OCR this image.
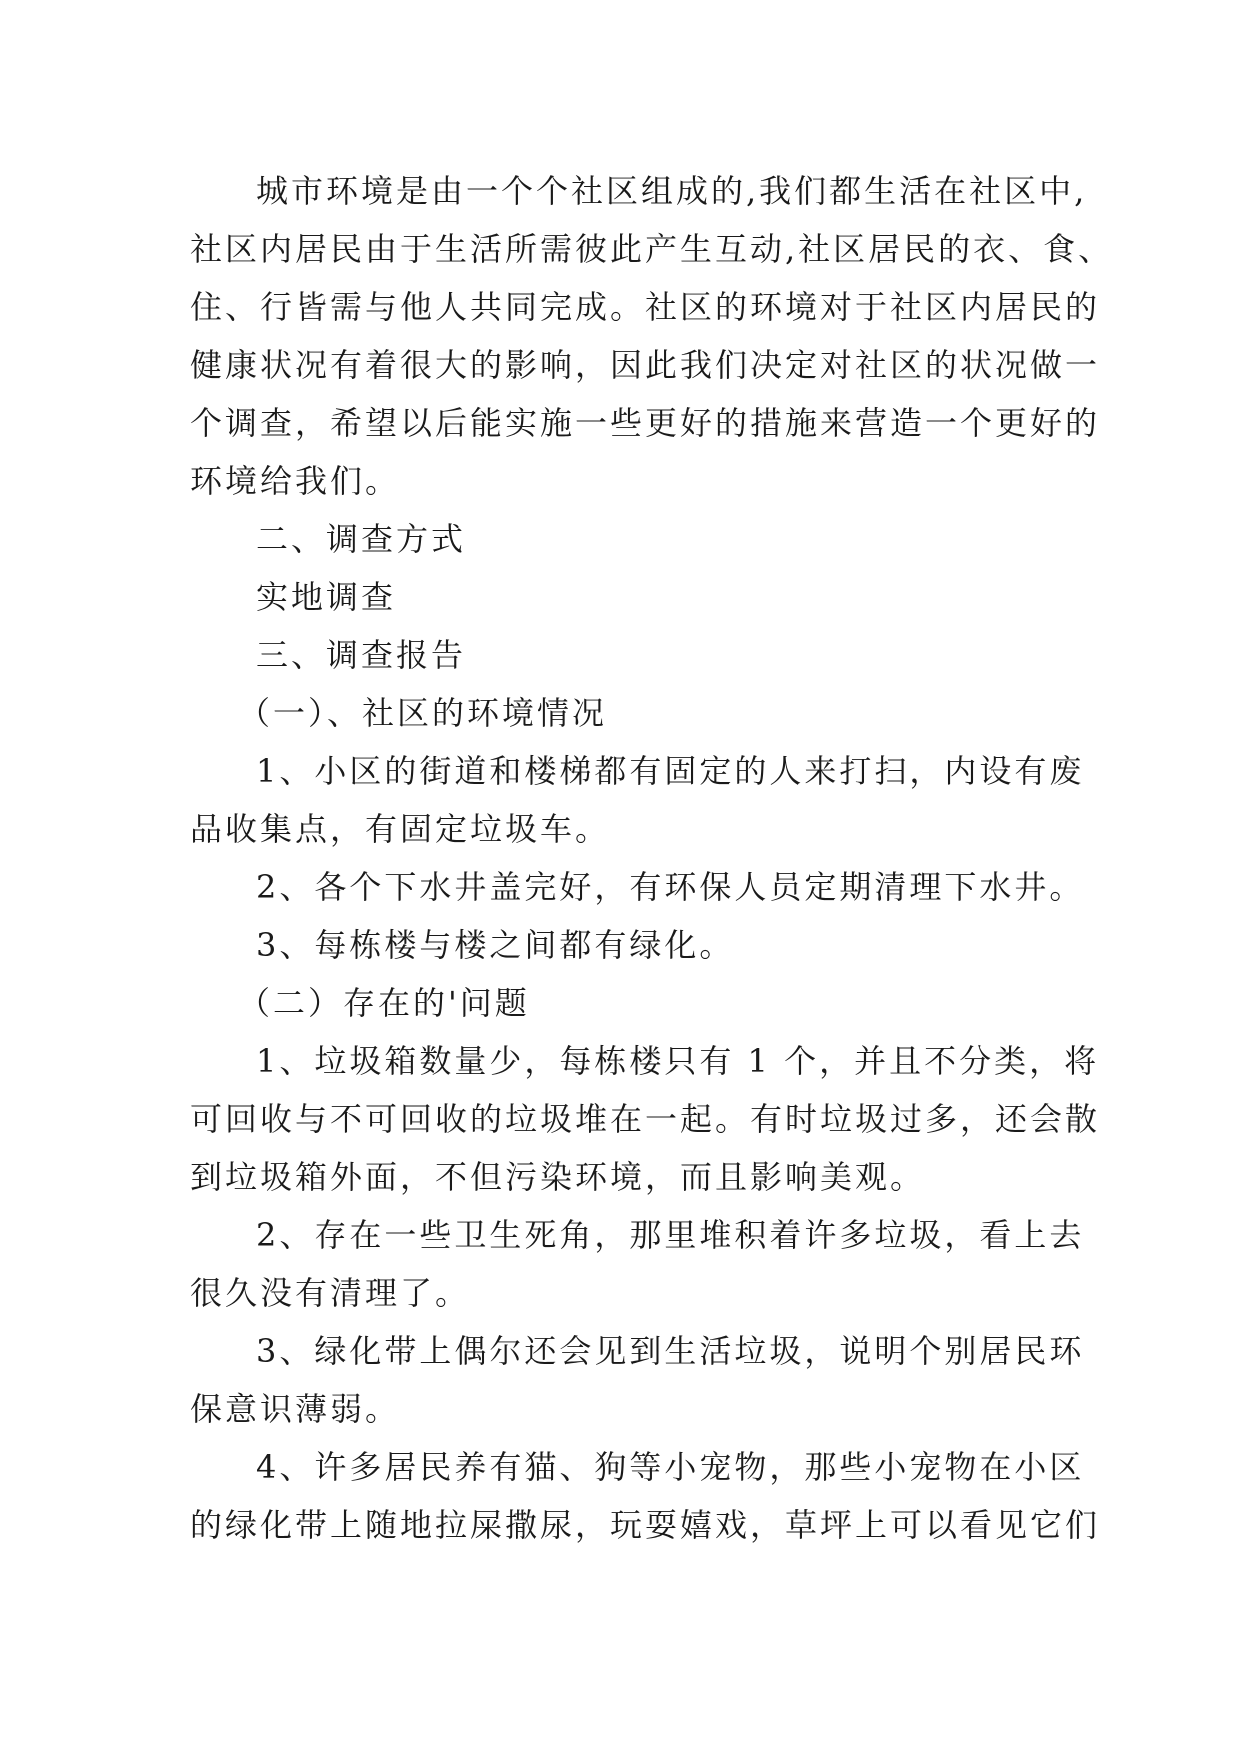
城市环境是由一个个社区组成的,我们都生活在社区中,
社区内居民由于生活所需彼此产生互动,社区居民的衣、食、
住、行皆需与他人共同完成。社区的环境对于社区内居民的
健康状况有着很大的影响，因此我们决定对社区的状况做一
个调查，希望以后能实施一些更好的措施来营造一个更好的
环境给我们。
二、调查方式
实地调查
三、调查报告
（一）、社区的环境情况
1、小区的街道和楼梯都有固定的人来打扫，内设有废
品收集点，有固定垃圾车。
2、各个下水井盖完好，有环保人员定期清理下水井。
3、每栋楼与楼之间都有绿化。
（二）存在的'问题
1、垃圾箱数量少，每栋楼只有 1 个，并且不分类，将
可回收与不可回收的垃圾堆在一起。有时垃圾过多，还会散
到垃圾箱外面，不但污染环境，而且影响美观。
2、存在一些卫生死角，那里堆积着许多垃圾，看上去
很久没有清理了。
3、绿化带上偶尔还会见到生活垃圾，说明个别居民环
保意识薄弱。
4、许多居民养有猫、狗等小宠物，那些小宠物在小区
的绿化带上随地拉屎撒尿，玩耍嬉戏，草坪上可以看见它们
